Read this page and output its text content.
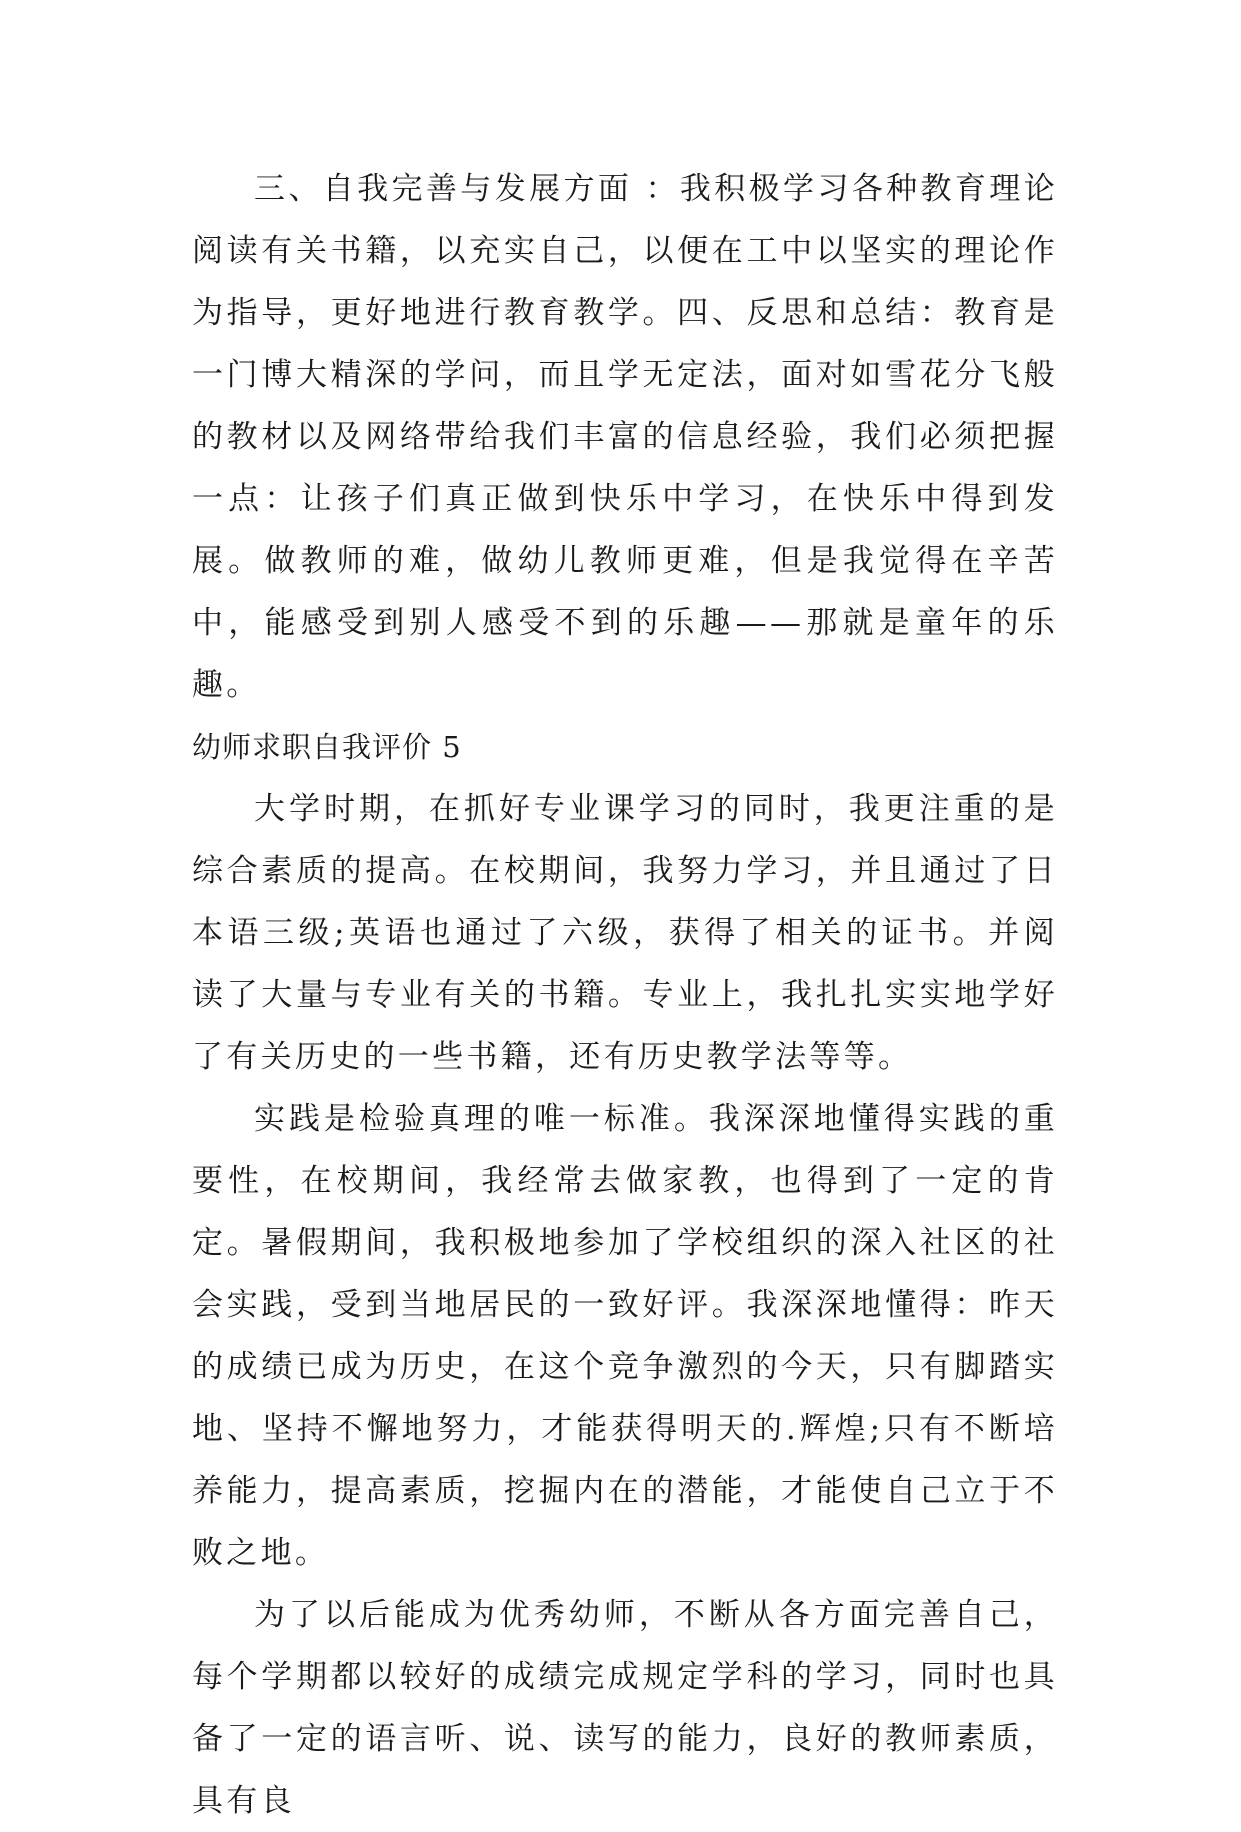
三、自我完善与发展方面 ：我积极学习各种教育理论阅读有关书籍，以充实自己，以便在工中以坚实的理论作为指导，更好地进行教育教学。四、反思和总结：教育是一门博大精深的学问，而且学无定法，面对如雪花分飞般的教材以及网络带给我们丰富的信息经验，我们必须把握一点：让孩子们真正做到快乐中学习，在快乐中得到发展。做教师的难，做幼儿教师更难，但是我觉得在辛苦中，能感受到别人感受不到的乐趣——那就是童年的乐趣。

幼师求职自我评价 5

大学时期，在抓好专业课学习的同时，我更注重的是综合素质的提高。在校期间，我努力学习，并且通过了日本语三级;英语也通过了六级，获得了相关的证书。并阅读了大量与专业有关的书籍。专业上，我扎扎实实地学好了有关历史的一些书籍，还有历史教学法等等。

实践是检验真理的唯一标准。我深深地懂得实践的重要性，在校期间，我经常去做家教，也得到了一定的肯定。暑假期间，我积极地参加了学校组织的深入社区的社会实践，受到当地居民的一致好评。我深深地懂得：昨天的成绩已成为历史，在这个竞争激烈的今天，只有脚踏实地、坚持不懈地努力，才能获得明天的.辉煌;只有不断培养能力，提高素质，挖掘内在的潜能，才能使自己立于不败之地。

为了以后能成为优秀幼师，不断从各方面完善自己，每个学期都以较好的成绩完成规定学科的学习，同时也具备了一定的语言听、说、读写的能力，良好的教师素质，具有良
